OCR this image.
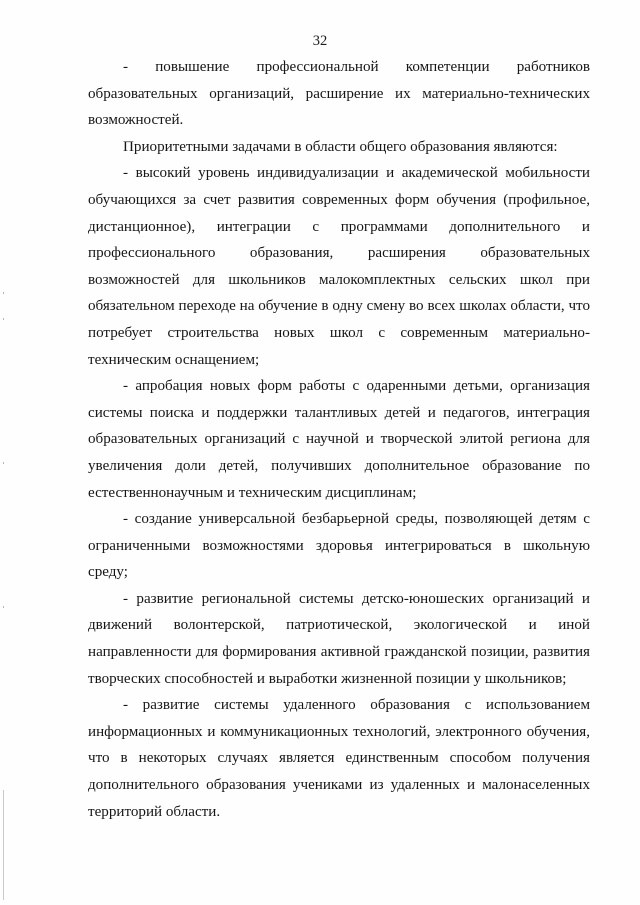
32

- повышение профессиональной компетенции работников образовательных организаций, расширение их материально-технических возможностей.

Приоритетными задачами в области общего образования являются:

- высокий уровень индивидуализации и академической мобильности обучающихся за счет развития современных форм обучения (профильное, дистанционное), интеграции с программами дополнительного и профессионального образования, расширения образовательных возможностей для школьников малокомплектных сельских школ при обязательном переходе на обучение в одну смену во всех школах области, что потребует строительства новых школ с современным материально-техническим оснащением;

- апробация новых форм работы с одаренными детьми, организация системы поиска и поддержки талантливых детей и педагогов, интеграция образовательных организаций с научной и творческой элитой региона для увеличения доли детей, получивших дополнительное образование по естественнонаучным и техническим дисциплинам;

- создание универсальной безбарьерной среды, позволяющей детям с ограниченными возможностями здоровья интегрироваться в школьную среду;

- развитие региональной системы детско-юношеских организаций и движений волонтерской, патриотической, экологической и иной направленности для формирования активной гражданской позиции, развития творческих способностей и выработки жизненной позиции у школьников;

- развитие системы удаленного образования с использованием информационных и коммуникационных технологий, электронного обучения, что в некоторых случаях является единственным способом получения дополнительного образования учениками из удаленных и малонаселенных территорий области.
